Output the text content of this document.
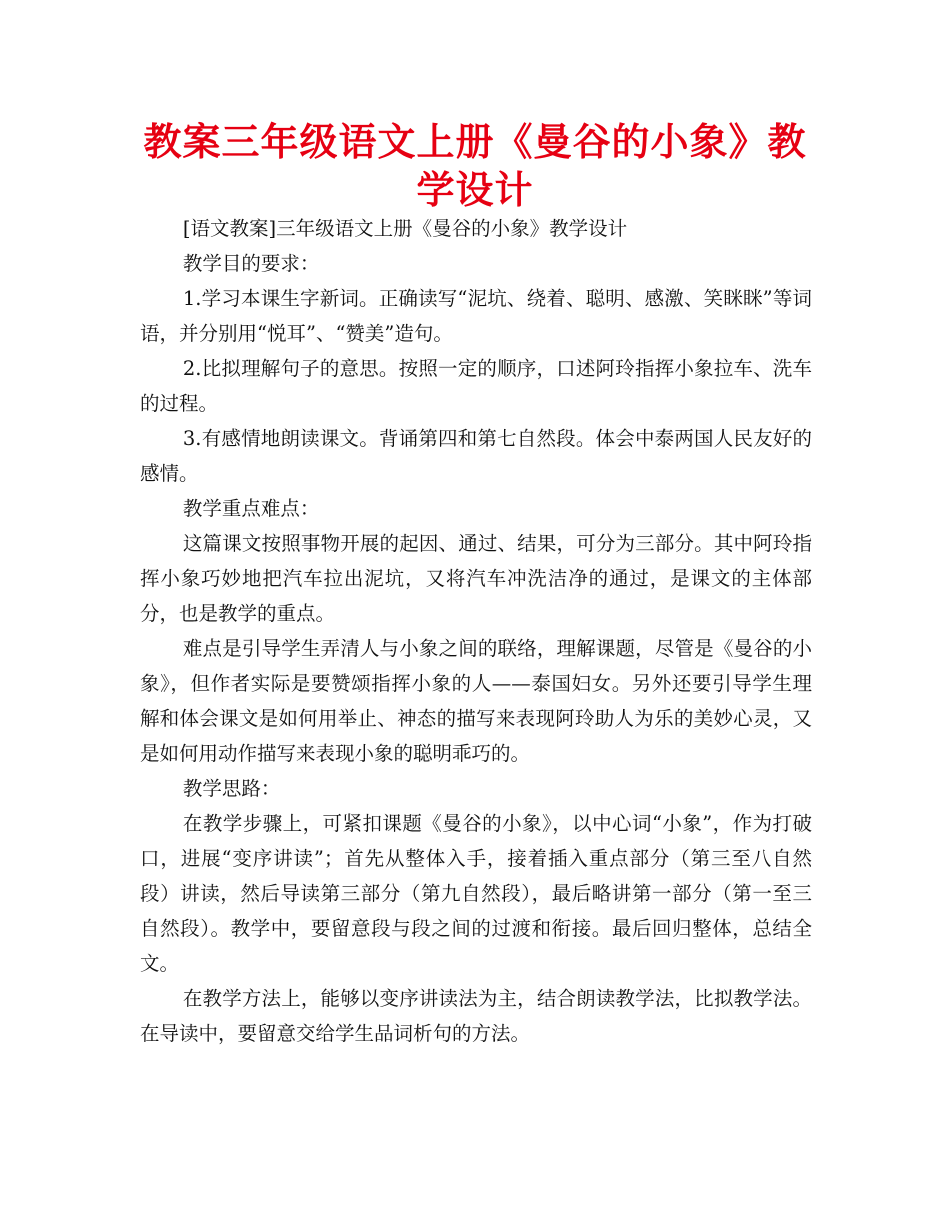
教案三年级语文上册《曼谷的小象》教学设计

[语文教案]三年级语文上册《曼谷的小象》教学设计

教学目的要求：

1.学习本课生字新词。正确读写“泥坑、绕着、聪明、感激、笑眯眯”等词语，并分别用“悦耳”、“赞美”造句。

2.比拟理解句子的意思。按照一定的顺序，口述阿玲指挥小象拉车、洗车的过程。

3.有感情地朗读课文。背诵第四和第七自然段。体会中泰两国人民友好的感情。

教学重点难点：

这篇课文按照事物开展的起因、通过、结果，可分为三部分。其中阿玲指挥小象巧妙地把汽车拉出泥坑，又将汽车冲洗洁净的通过，是课文的主体部分，也是教学的重点。

难点是引导学生弄清人与小象之间的联络，理解课题，尽管是《曼谷的小象》，但作者实际是要赞颂指挥小象的人——泰国妇女。另外还要引导学生理解和体会课文是如何用举止、神态的描写来表现阿玲助人为乐的美妙心灵，又是如何用动作描写来表现小象的聪明乖巧的。

教学思路：

在教学步骤上，可紧扣课题《曼谷的小象》，以中心词“小象”，作为打破口，进展“变序讲读”；首先从整体入手，接着插入重点部分（第三至八自然段）讲读，然后导读第三部分（第九自然段），最后略讲第一部分（第一至三自然段）。教学中，要留意段与段之间的过渡和衔接。最后回归整体，总结全文。

在教学方法上，能够以变序讲读法为主，结合朗读教学法，比拟教学法。在导读中，要留意交给学生品词析句的方法。
